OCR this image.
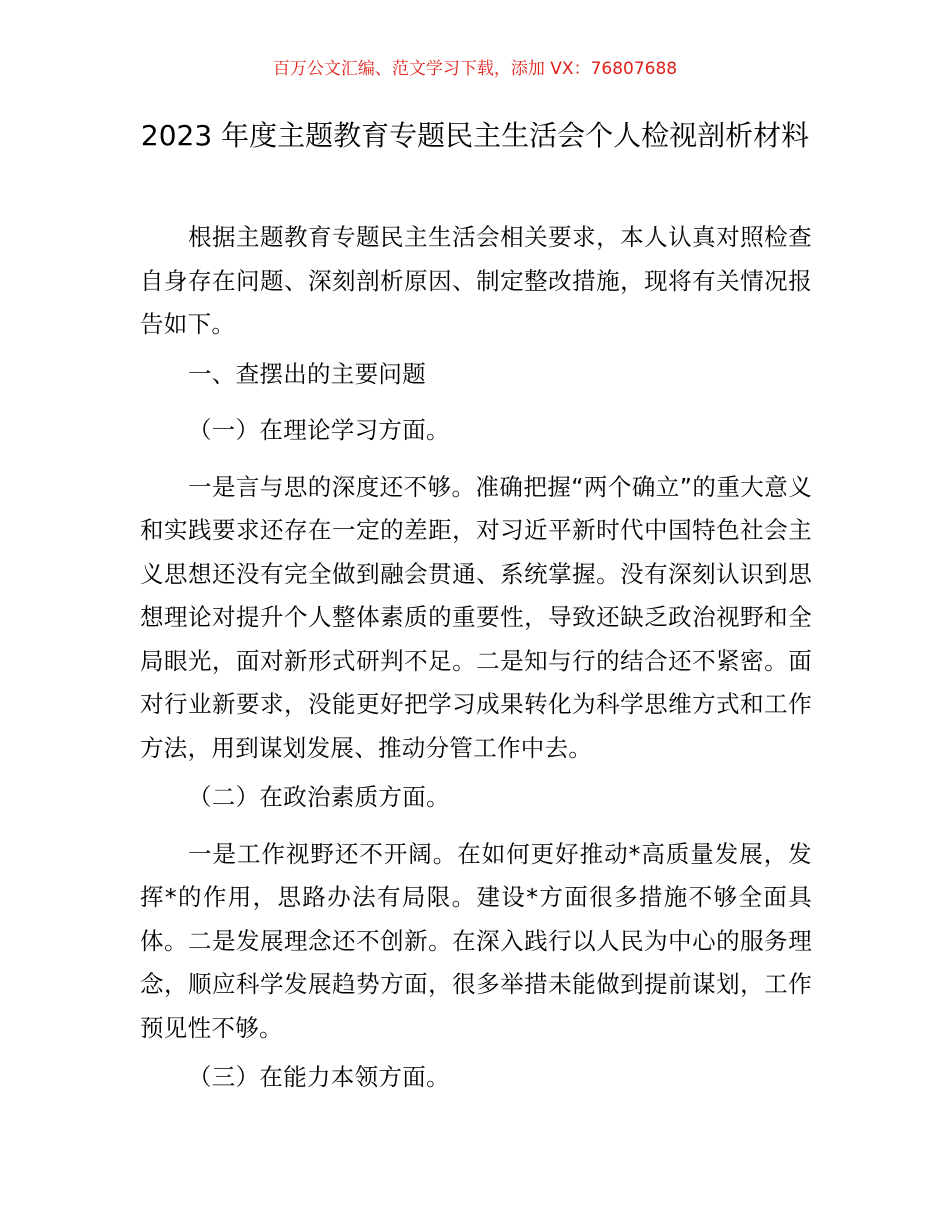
百万公文汇编、范文学习下载，添加 VX：76807688
2023 年度主题教育专题民主生活会个人检视剖析材料

根据主题教育专题民主生活会相关要求，本人认真对照检查自身存在问题、深刻剖析原因、制定整改措施，现将有关情况报告如下。

一、查摆出的主要问题

（一）在理论学习方面。

一是言与思的深度还不够。准确把握“两个确立”的重大意义和实践要求还存在一定的差距，对习近平新时代中国特色社会主义思想还没有完全做到融会贯通、系统掌握。没有深刻认识到思想理论对提升个人整体素质的重要性，导致还缺乏政治视野和全局眼光，面对新形式研判不足。二是知与行的结合还不紧密。面对行业新要求，没能更好把学习成果转化为科学思维方式和工作方法，用到谋划发展、推动分管工作中去。

（二）在政治素质方面。

一是工作视野还不开阔。在如何更好推动*高质量发展，发挥*的作用，思路办法有局限。建设*方面很多措施不够全面具体。二是发展理念还不创新。在深入践行以人民为中心的服务理念，顺应科学发展趋势方面，很多举措未能做到提前谋划，工作预见性不够。

（三）在能力本领方面。
